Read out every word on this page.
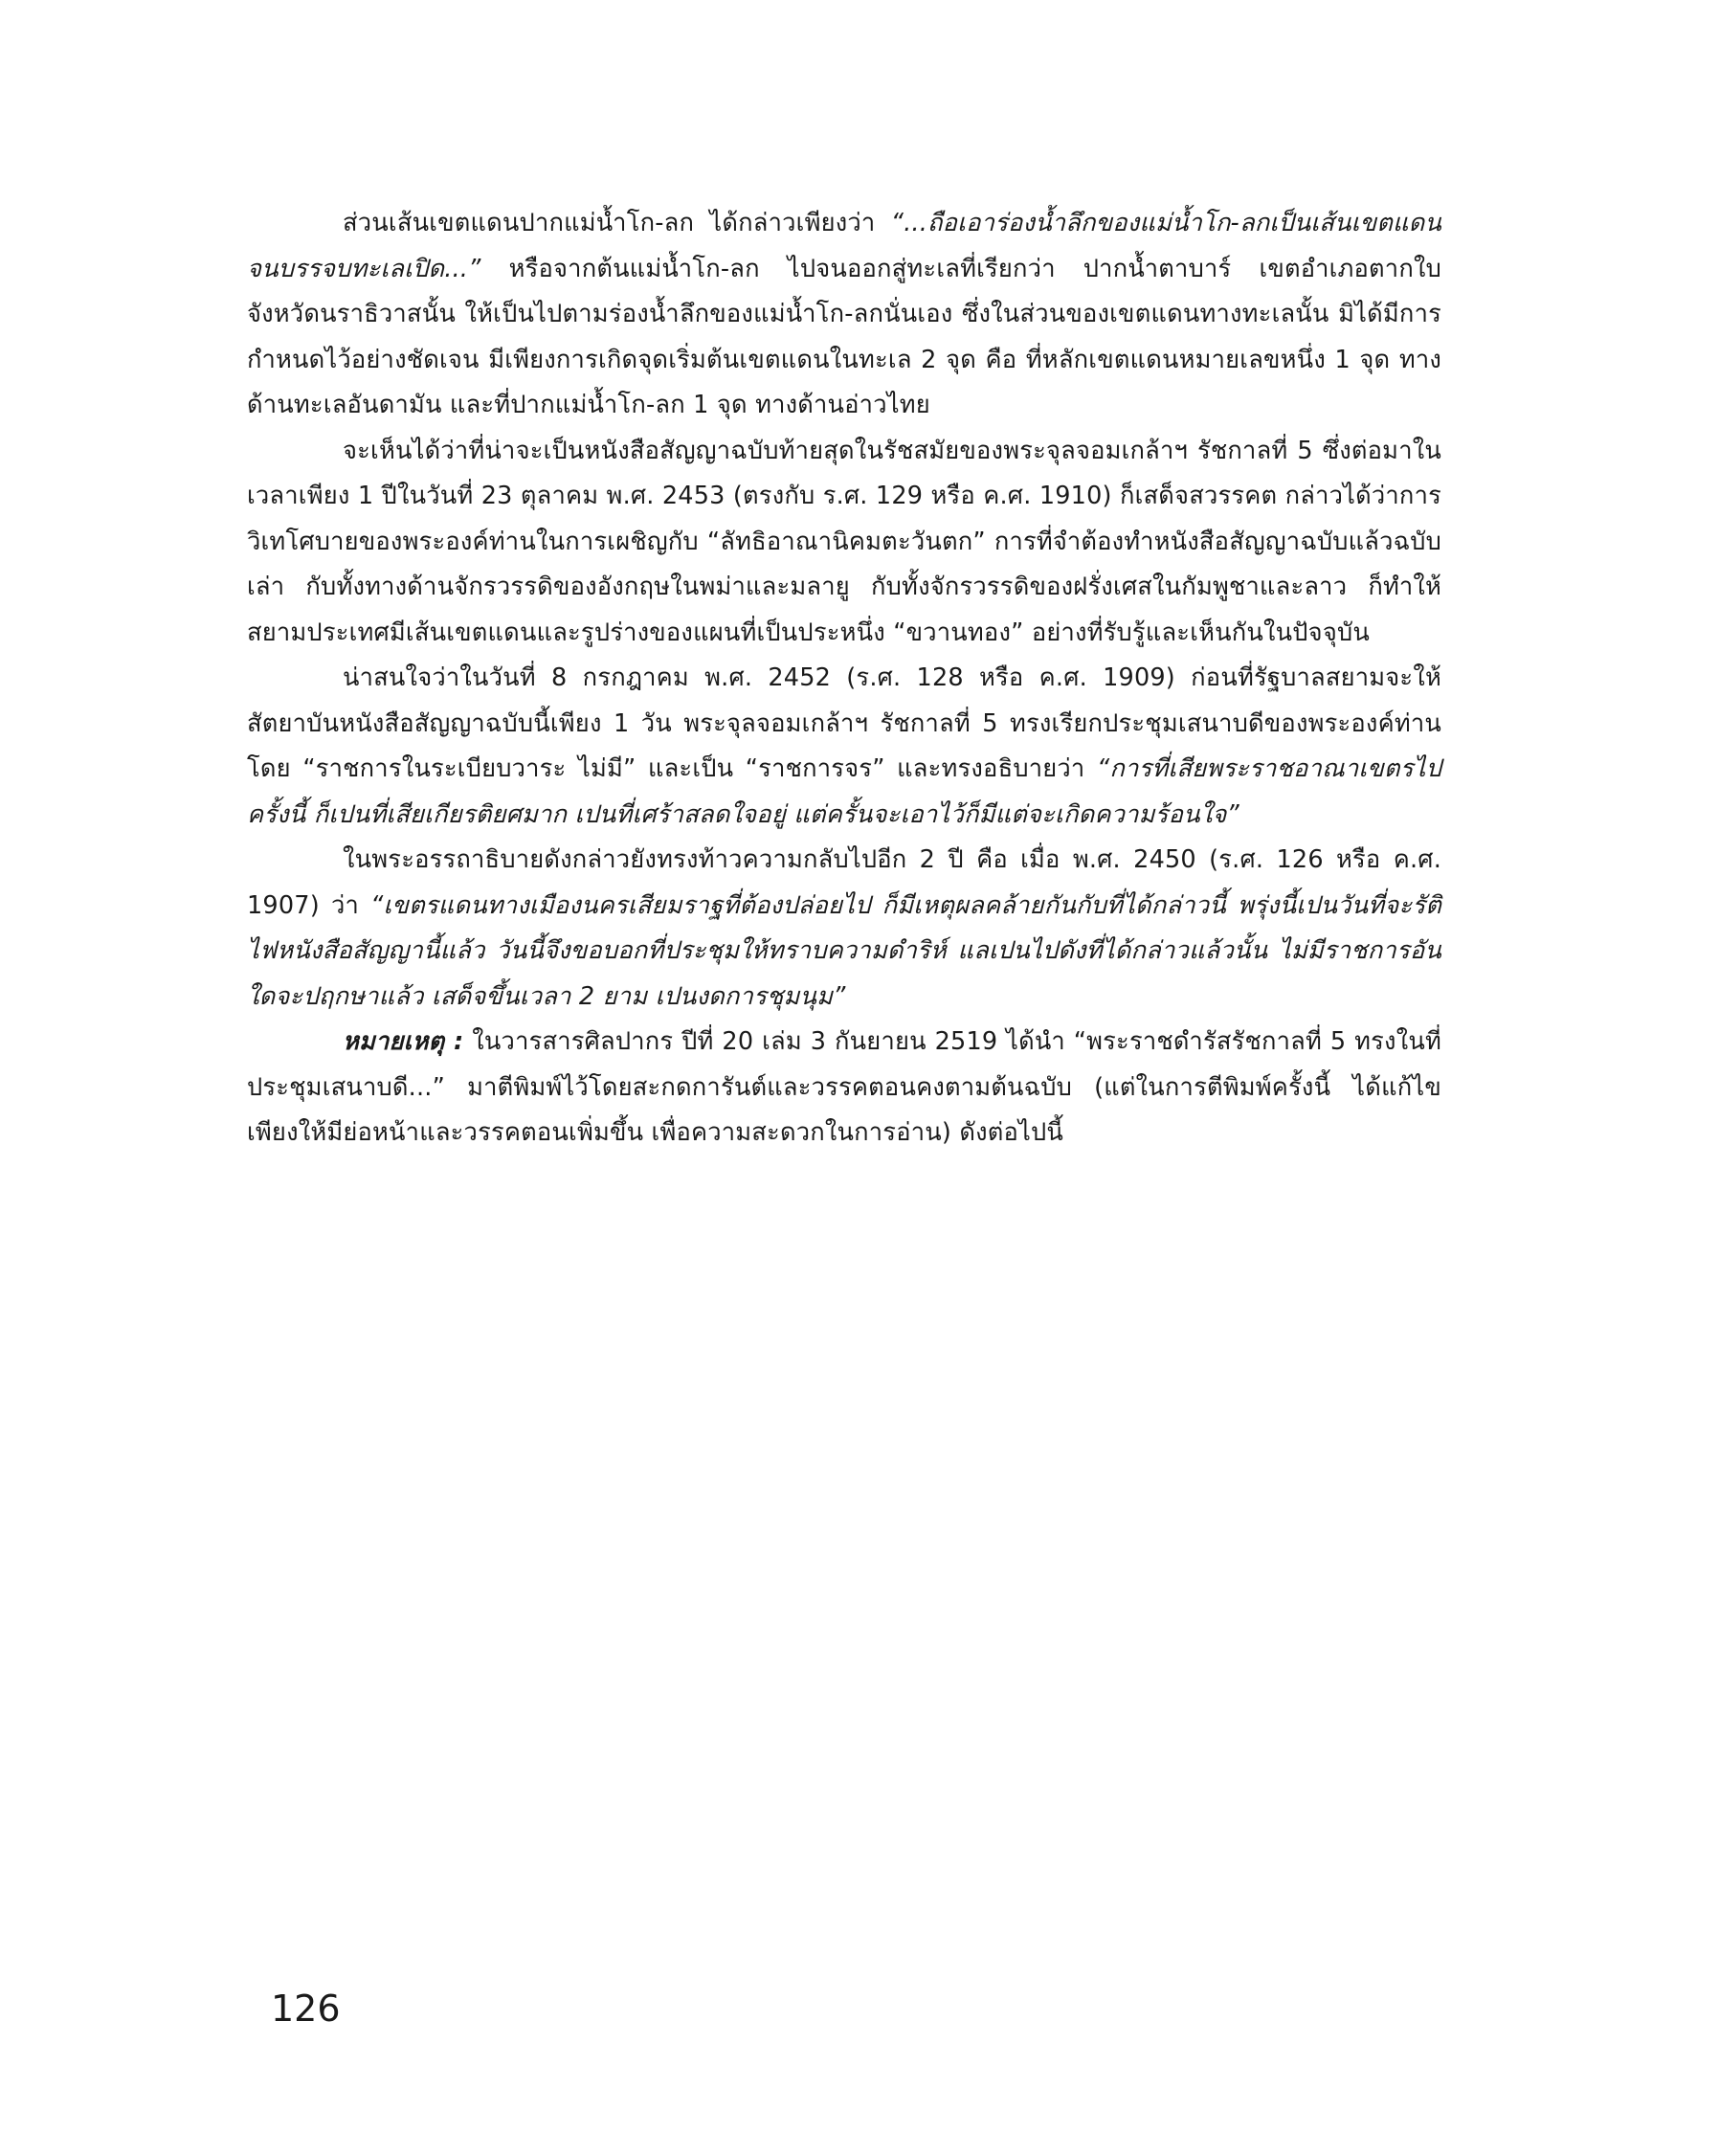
ส่วนเส้นเขตแดนปากแม่น้ำโก-ลก ได้กล่าวเพียงว่า “...ถือเอาร่องน้ำลึกของแม่น้ำโก-ลกเป็นเส้นเขตแดนจนบรรจบทะเลเปิด...” หรือจากต้นแม่น้ำโก-ลก ไปจนออกสู่ทะเลที่เรียกว่า ปากน้ำตาบาร์ เขตอำเภอตากใบ จังหวัดนราธิวาสนั้น ให้เป็นไปตามร่องน้ำลึกของแม่น้ำโก-ลกนั่นเอง ซึ่งในส่วนของเขตแดนทางทะเลนั้น มิได้มีการกำหนดไว้อย่างชัดเจน มีเพียงการเกิดจุดเริ่มต้นเขตแดนในทะเล 2 จุด คือ ที่หลักเขตแดนหมายเลขหนึ่ง 1 จุด ทางด้านทะเลอันดามัน และที่ปากแม่น้ำโก-ลก 1 จุด ทางด้านอ่าวไทย

จะเห็นได้ว่าที่น่าจะเป็นหนังสือสัญญาฉบับท้ายสุดในรัชสมัยของพระจุลจอมเกล้าฯ รัชกาลที่ 5 ซึ่งต่อมาในเวลาเพียง 1 ปีในวันที่ 23 ตุลาคม พ.ศ. 2453 (ตรงกับ ร.ศ. 129 หรือ ค.ศ. 1910) ก็เสด็จสวรรคต กล่าวได้ว่าการวิเทโศบายของพระองค์ท่านในการเผชิญกับ “ลัทธิอาณานิคมตะวันตก” การที่จำต้องทำหนังสือสัญญาฉบับแล้วฉบับเล่า กับทั้งทางด้านจักรวรรดิของอังกฤษในพม่าและมลายู กับทั้งจักรวรรดิของฝรั่งเศสในกัมพูชาและลาว ก็ทำให้สยามประเทศมีเส้นเขตแดนและรูปร่างของแผนที่เป็นประหนึ่ง “ขวานทอง” อย่างที่รับรู้และเห็นกันในปัจจุบัน

น่าสนใจว่าในวันที่ 8 กรกฎาคม พ.ศ. 2452 (ร.ศ. 128 หรือ ค.ศ. 1909) ก่อนที่รัฐบาลสยามจะให้สัตยาบันหนังสือสัญญาฉบับนี้เพียง 1 วัน พระจุลจอมเกล้าฯ รัชกาลที่ 5 ทรงเรียกประชุมเสนาบดีของพระองค์ท่าน โดย “ราชการในระเบียบวาระ ไม่มี” และเป็น “ราชการจร” และทรงอธิบายว่า “การที่เสียพระราชอาณาเขตรไปครั้งนี้ ก็เปนที่เสียเกียรติยศมาก เปนที่เศร้าสลดใจอยู่ แต่ครั้นจะเอาไว้ก็มีแต่จะเกิดความร้อนใจ”

ในพระอรรถาธิบายดังกล่าวยังทรงท้าวความกลับไปอีก 2 ปี คือ เมื่อ พ.ศ. 2450 (ร.ศ. 126 หรือ ค.ศ. 1907) ว่า “เขตรแดนทางเมืองนครเสียมราฐที่ต้องปล่อยไป ก็มีเหตุผลคล้ายกันกับที่ได้กล่าวนี้ พรุ่งนี้เปนวันที่จะรัติไฟหนังสือสัญญานี้แล้ว วันนี้จึงขอบอกที่ประชุมให้ทราบความดำริห์ แลเปนไปดังที่ได้กล่าวแล้วนั้น ไม่มีราชการอันใดจะปฤกษาแล้ว เสด็จขึ้นเวลา 2 ยาม เปนงดการชุมนุม”

หมายเหตุ : ในวารสารศิลปากร ปีที่ 20 เล่ม 3 กันยายน 2519 ได้นำ “พระราชดำรัสรัชกาลที่ 5 ทรงในที่ประชุมเสนาบดี...” มาตีพิมพ์ไว้โดยสะกดการันต์และวรรคตอนคงตามต้นฉบับ (แต่ในการตีพิมพ์ครั้งนี้ ได้แก้ไขเพียงให้มีย่อหน้าและวรรคตอนเพิ่มขึ้น เพื่อความสะดวกในการอ่าน) ดังต่อไปนี้

126
